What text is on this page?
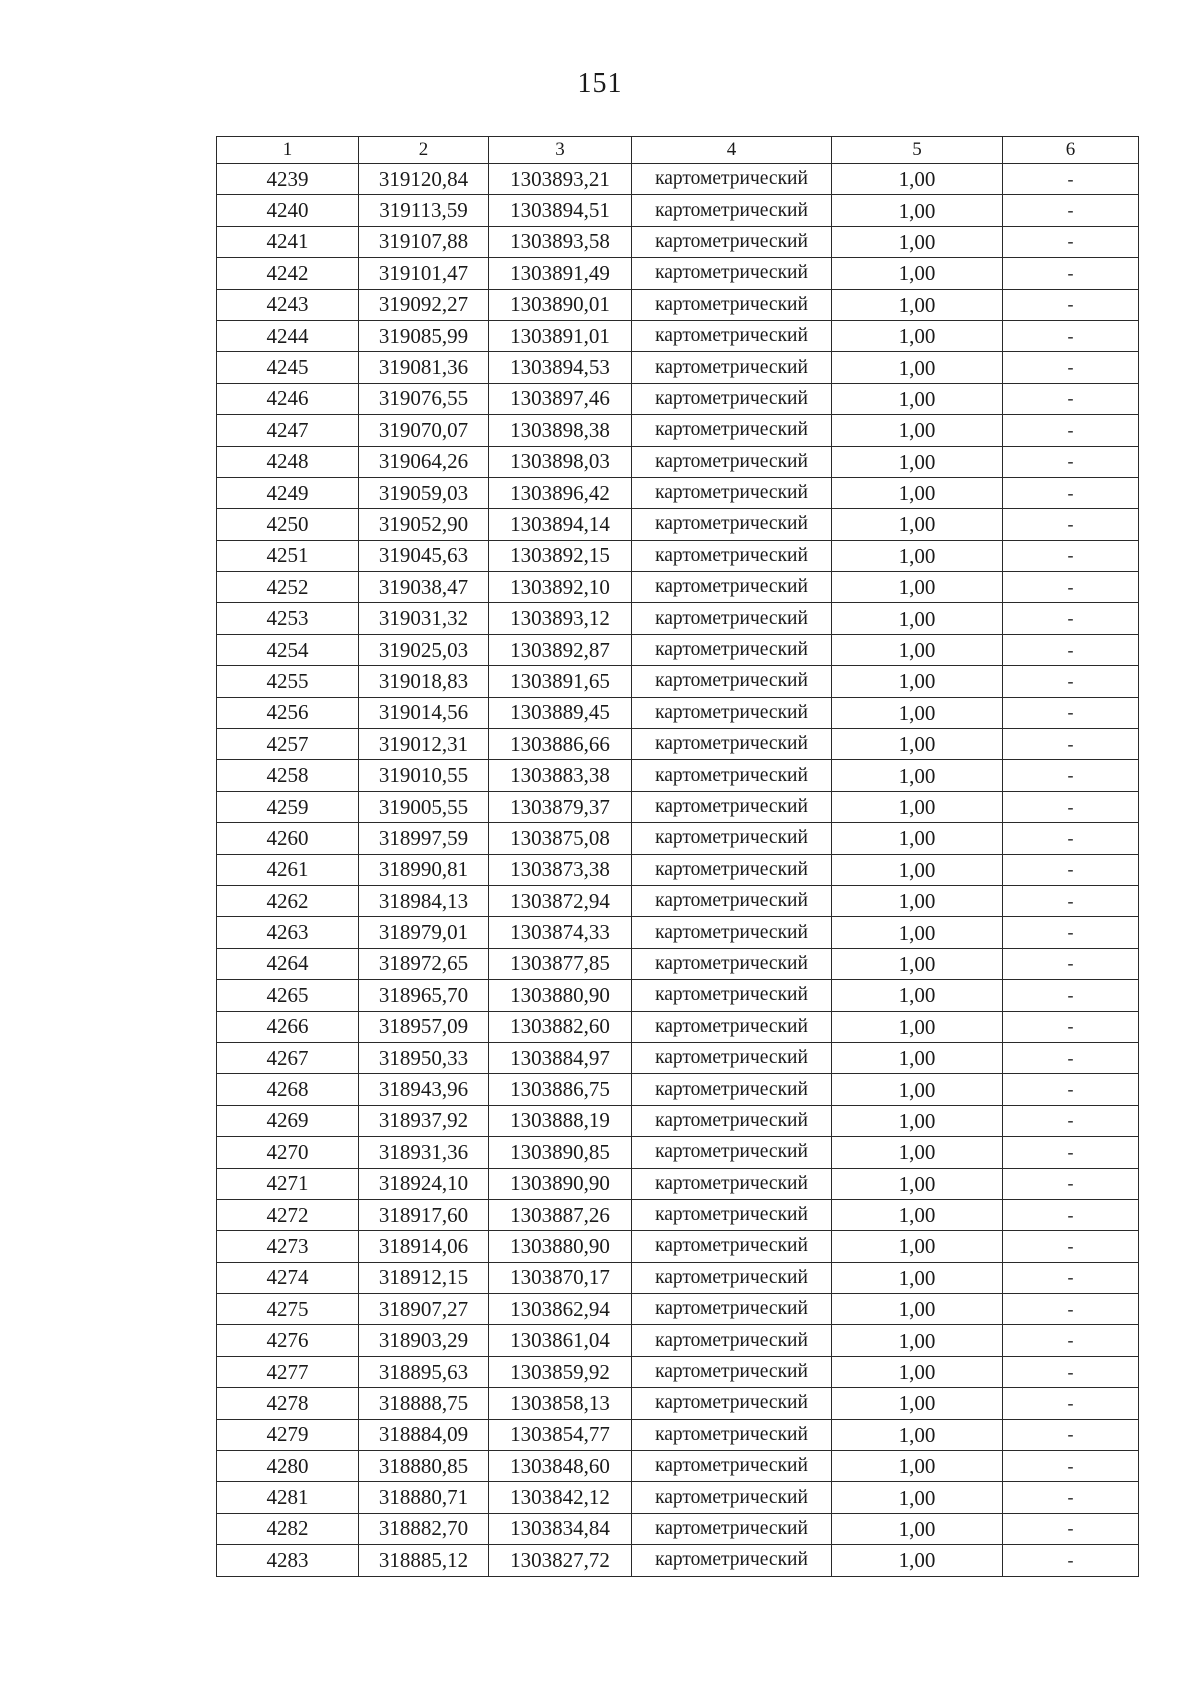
151
1	2	3	4	5	6
4239	319120,84	1303893,21	картометрический	1,00	-
4240	319113,59	1303894,51	картометрический	1,00	-
4241	319107,88	1303893,58	картометрический	1,00	-
4242	319101,47	1303891,49	картометрический	1,00	-
4243	319092,27	1303890,01	картометрический	1,00	-
4244	319085,99	1303891,01	картометрический	1,00	-
4245	319081,36	1303894,53	картометрический	1,00	-
4246	319076,55	1303897,46	картометрический	1,00	-
4247	319070,07	1303898,38	картометрический	1,00	-
4248	319064,26	1303898,03	картометрический	1,00	-
4249	319059,03	1303896,42	картометрический	1,00	-
4250	319052,90	1303894,14	картометрический	1,00	-
4251	319045,63	1303892,15	картометрический	1,00	-
4252	319038,47	1303892,10	картометрический	1,00	-
4253	319031,32	1303893,12	картометрический	1,00	-
4254	319025,03	1303892,87	картометрический	1,00	-
4255	319018,83	1303891,65	картометрический	1,00	-
4256	319014,56	1303889,45	картометрический	1,00	-
4257	319012,31	1303886,66	картометрический	1,00	-
4258	319010,55	1303883,38	картометрический	1,00	-
4259	319005,55	1303879,37	картометрический	1,00	-
4260	318997,59	1303875,08	картометрический	1,00	-
4261	318990,81	1303873,38	картометрический	1,00	-
4262	318984,13	1303872,94	картометрический	1,00	-
4263	318979,01	1303874,33	картометрический	1,00	-
4264	318972,65	1303877,85	картометрический	1,00	-
4265	318965,70	1303880,90	картометрический	1,00	-
4266	318957,09	1303882,60	картометрический	1,00	-
4267	318950,33	1303884,97	картометрический	1,00	-
4268	318943,96	1303886,75	картометрический	1,00	-
4269	318937,92	1303888,19	картометрический	1,00	-
4270	318931,36	1303890,85	картометрический	1,00	-
4271	318924,10	1303890,90	картометрический	1,00	-
4272	318917,60	1303887,26	картометрический	1,00	-
4273	318914,06	1303880,90	картометрический	1,00	-
4274	318912,15	1303870,17	картометрический	1,00	-
4275	318907,27	1303862,94	картометрический	1,00	-
4276	318903,29	1303861,04	картометрический	1,00	-
4277	318895,63	1303859,92	картометрический	1,00	-
4278	318888,75	1303858,13	картометрический	1,00	-
4279	318884,09	1303854,77	картометрический	1,00	-
4280	318880,85	1303848,60	картометрический	1,00	-
4281	318880,71	1303842,12	картометрический	1,00	-
4282	318882,70	1303834,84	картометрический	1,00	-
4283	318885,12	1303827,72	картометрический	1,00	-
